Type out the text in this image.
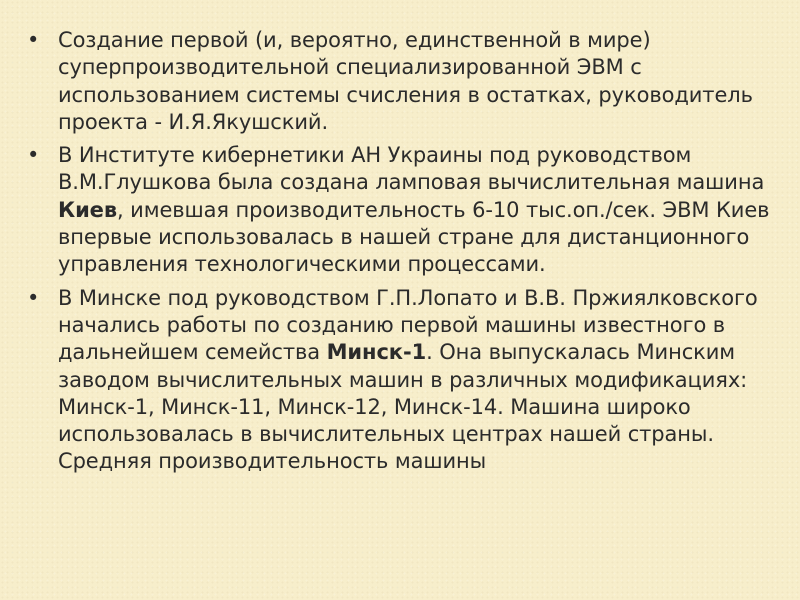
• Создание первой (и, вероятно, единственной в мире) суперпроизводительной специализированной ЭВМ с использованием системы счисления в остатках, руководитель проекта - И.Я.Якушский.
• В Институте кибернетики АН Украины под руководством В.М.Глушкова была создана ламповая вычислительная машина Киев, имевшая производительность 6-10 тыс.оп./сек. ЭВМ Киев впервые использовалась в нашей стране для дистанционного управления технологическими процессами.
• В Минске под руководством Г.П.Лопато и В.В. Пржиялковского начались работы по созданию первой машины известного в дальнейшем семейства Минск-1. Она выпускалась Минским заводом вычислительных машин в различных модификациях: Минск-1, Минск-11, Минск-12, Минск-14. Машина широко использовалась в вычислительных центрах нашей страны. Средняя производительность машины
